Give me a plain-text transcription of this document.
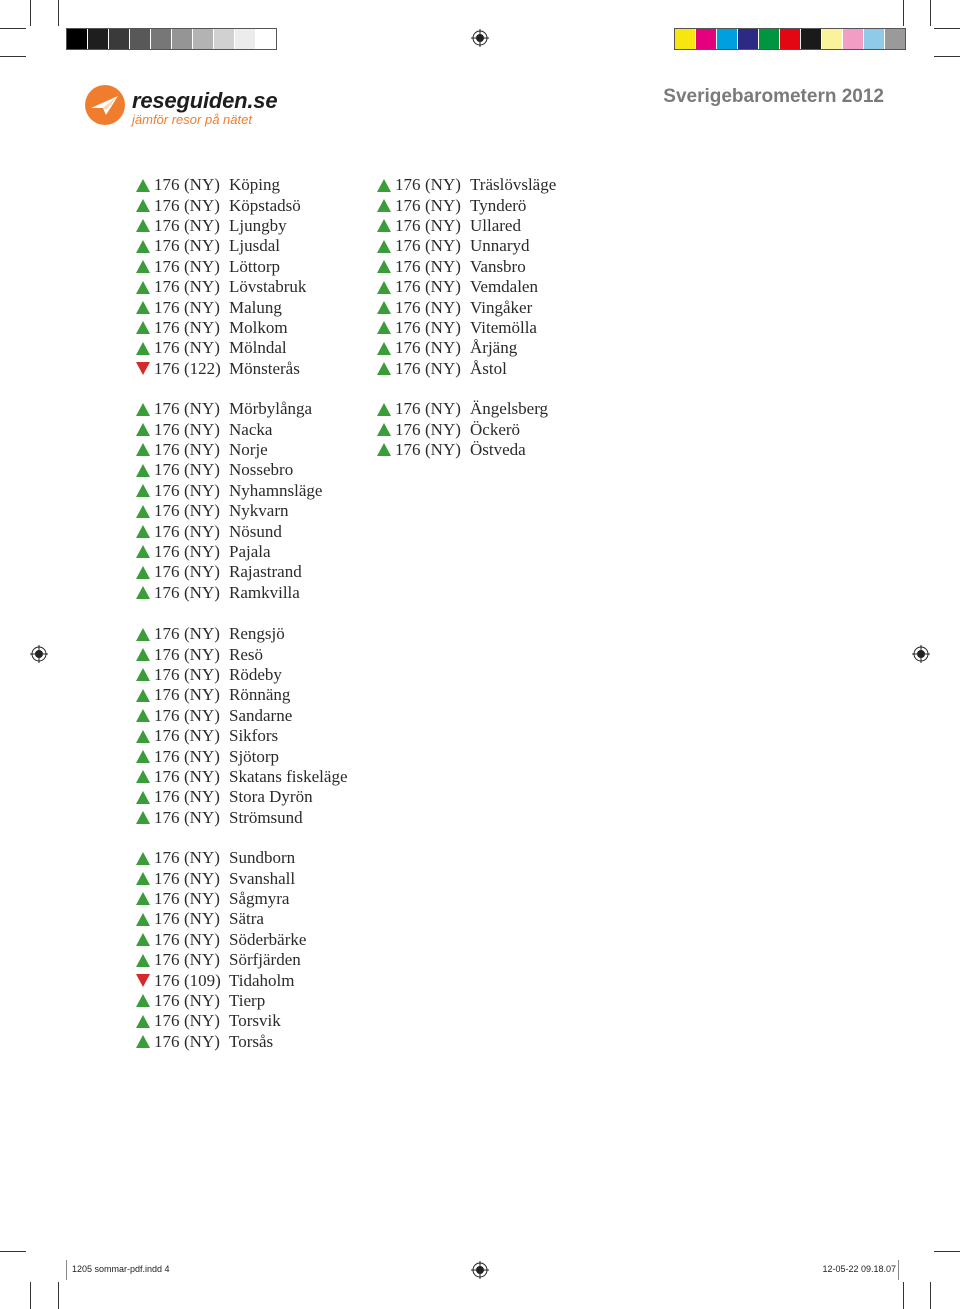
reseguiden.se

jämför resor på nätet

Sverigebarometern 2012
176 (NY) Köping
176 (NY) Köpstadsö
176 (NY) Ljungby
176 (NY) Ljusdal
176 (NY) Löttorp
176 (NY) Lövstabruk
176 (NY) Malung
176 (NY) Molkom
176 (NY) Mölndal
176 (122) Mönsterås
176 (NY) Mörbylånga
176 (NY) Nacka
176 (NY) Norje
176 (NY) Nossebro
176 (NY) Nyhamnsläge
176 (NY) Nykvarn
176 (NY) Nösund
176 (NY) Pajala
176 (NY) Rajastrand
176 (NY) Ramkvilla
176 (NY) Rengsjö
176 (NY) Resö
176 (NY) Rödeby
176 (NY) Rönnäng
176 (NY) Sandarne
176 (NY) Sikfors
176 (NY) Sjötorp
176 (NY) Skatans fiskeläge
176 (NY) Stora Dyrön
176 (NY) Strömsund
176 (NY) Sundborn
176 (NY) Svanshall
176 (NY) Sågmyra
176 (NY) Sätra
176 (NY) Söderbärke
176 (NY) Sörfjärden
176 (109) Tidaholm
176 (NY) Tierp
176 (NY) Torsvik
176 (NY) Torsås
176 (NY) Träslövsläge
176 (NY) Tynderö
176 (NY) Ullared
176 (NY) Unnaryd
176 (NY) Vansbro
176 (NY) Vemdalen
176 (NY) Vingåker
176 (NY) Vitemölla
176 (NY) Årjäng
176 (NY) Åstol
176 (NY) Ängelsberg
176 (NY) Öckerö
176 (NY) Östveda
1205 sommar-pdf.indd 4	12-05-22 09.18.07
